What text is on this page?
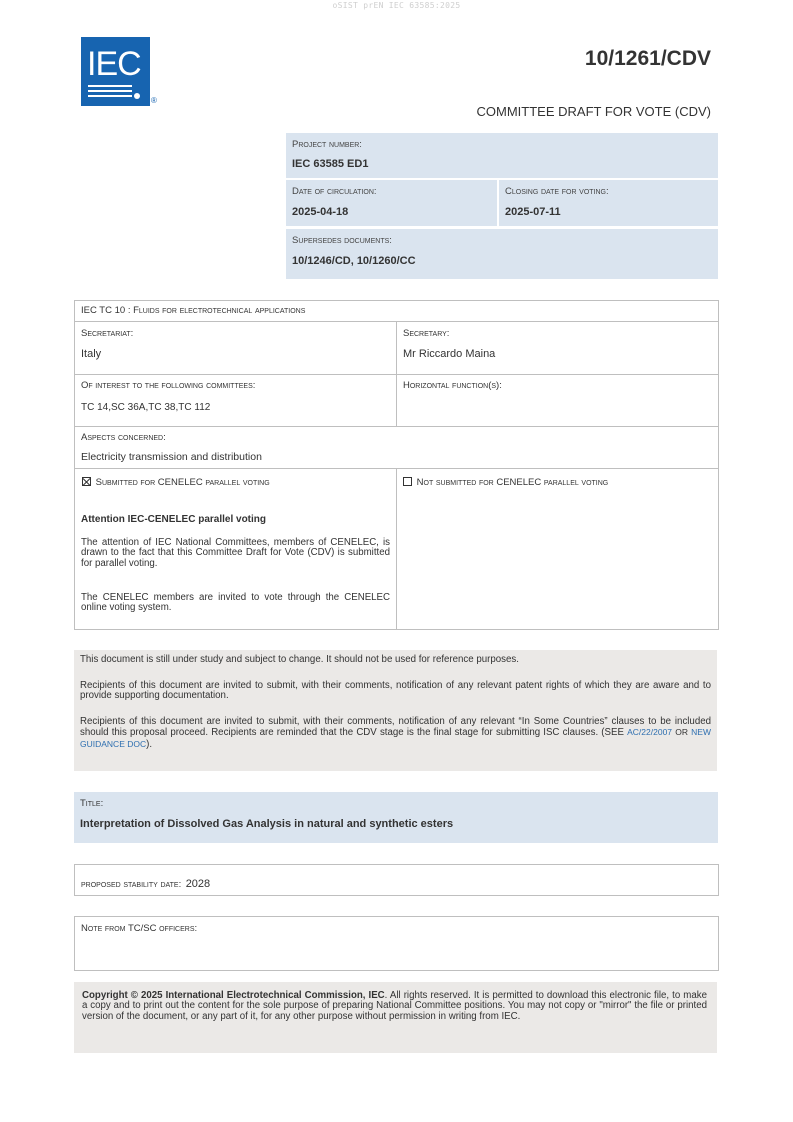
oSIST prEN IEC 63585:2025
IEC
®
10/1261/CDV
COMMITTEE DRAFT FOR VOTE (CDV)
Project number:
IEC 63585 ED1
Date of circulation:
2025-04-18
Closing date for voting:
2025-07-11
Supersedes documents:
10/1246/CD, 10/1260/CC
IEC TC 10 : Fluids for electrotechnical applications
Secretariat:
Italy
Secretary:
Mr Riccardo Maina
Of interest to the following committees:
TC 14,SC 36A,TC 38,TC 112
Horizontal function(s):
Aspects concerned:
Electricity transmission and distribution
Submitted for CENELEC parallel voting
Attention IEC-CENELEC parallel voting
The attention of IEC National Committees, members of CENELEC, is drawn to the fact that this Committee Draft for Vote (CDV) is submitted for parallel voting.
The CENELEC members are invited to vote through the CENELEC online voting system.
Not submitted for CENELEC parallel voting
This document is still under study and subject to change. It should not be used for reference purposes.
Recipients of this document are invited to submit, with their comments, notification of any relevant patent rights of which they are aware and to provide supporting documentation.
Recipients of this document are invited to submit, with their comments, notification of any relevant “In Some Countries” clauses to be included should this proposal proceed. Recipients are reminded that the CDV stage is the final stage for submitting ISC clauses. (SEE AC/22/2007 OR NEW GUIDANCE DOC).
Title:
Interpretation of Dissolved Gas Analysis in natural and synthetic esters
proposed stability date: 2028
Note from TC/SC officers:
Copyright © 2025 International Electrotechnical Commission, IEC. All rights reserved. It is permitted to download this electronic file, to make a copy and to print out the content for the sole purpose of preparing National Committee positions. You may not copy or "mirror" the file or printed version of the document, or any part of it, for any other purpose without permission in writing from IEC.
